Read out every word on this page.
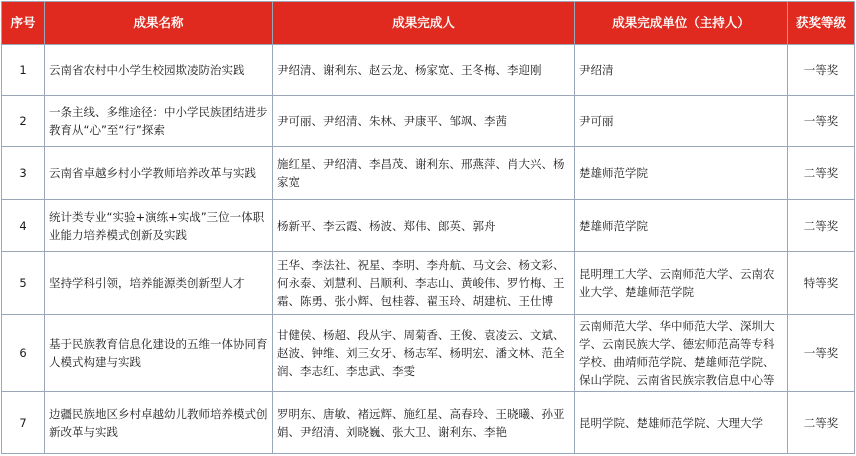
序号	成果名称	成果完成人	成果完成单位（主持人）	获奖等级
1	云南省农村中小学生校园欺凌防治实践	尹绍清、谢利东、赵云龙、杨家宽、王冬梅、李迎刚	尹绍清	一等奖
2	一条主线、多维途径：中小学民族团结进步教育从“心”至“行”探索	尹可丽、尹绍清、朱林、尹康平、邹飒、李茜	尹可丽	一等奖
3	云南省卓越乡村小学教师培养改革与实践	施红星、尹绍清、李昌茂、谢利东、邢燕萍、肖大兴、杨家宽	楚雄师范学院	二等奖
4	统计类专业“实验+演练+实战”三位一体职业能力培养模式创新及实践	杨新平、李云霞、杨波、郑伟、郎英、郭舟	楚雄师范学院	二等奖
5	坚持学科引领，培养能源类创新型人才	王华、李法社、祝星、李明、李舟航、马文会、杨文彩、何永泰、刘慧利、吕顺利、李志山、黄峻伟、罗竹梅、王霜、陈勇、张小辉、包桂蓉、翟玉玲、胡建杭、王仕博	昆明理工大学、云南师范大学、云南农业大学、楚雄师范学院	特等奖
6	基于民族教育信息化建设的五维一体协同育人模式构建与实践	甘健侯、杨超、段从宇、周菊香、王俊、袁凌云、文斌、赵波、钟维、刘三女牙、杨志军、杨明宏、潘文林、范全润、李志红、李忠武、李雯	云南师范大学、华中师范大学、深圳大学、云南民族大学、德宏师范高等专科学校、曲靖师范学院、楚雄师范学院、保山学院、云南省民族宗教信息中心等	一等奖
7	边疆民族地区乡村卓越幼儿教师培养模式创新改革与实践	罗明东、唐敏、褚远辉、施红星、高春玲、王晓曦、孙亚娟、尹绍清、刘晓巍、张大卫、谢利东、李艳	昆明学院、楚雄师范学院、大理大学	二等奖
